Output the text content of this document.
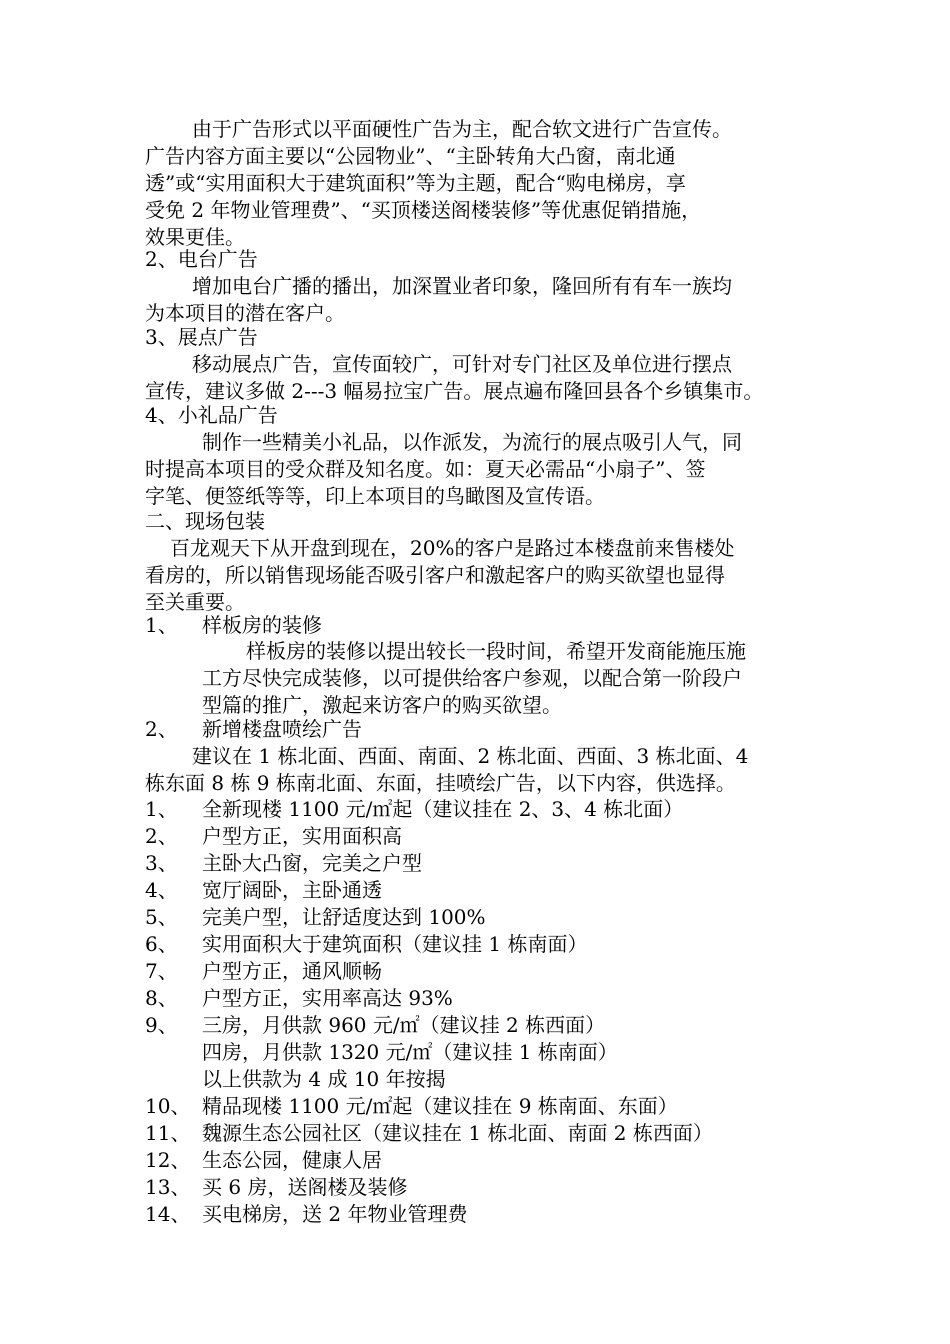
由于广告形式以平面硬性广告为主，配合软文进行广告宣传。
广告内容方面主要以“公园物业”、“主卧转角大凸窗，南北通
透”或“实用面积大于建筑面积”等为主题，配合“购电梯房，享
受免 2 年物业管理费”、“买顶楼送阁楼装修”等优惠促销措施，
效果更佳。
2、电台广告
增加电台广播的播出，加深置业者印象，隆回所有有车一族均
为本项目的潜在客户。
3、展点广告
移动展点广告，宣传面较广，可针对专门社区及单位进行摆点
宣传，建议多做 2---3 幅易拉宝广告。展点遍布隆回县各个乡镇集市。
4、小礼品广告
制作一些精美小礼品，以作派发，为流行的展点吸引人气，同
时提高本项目的受众群及知名度。如：夏天必需品“小扇子”、签
字笔、便签纸等等，印上本项目的鸟瞰图及宣传语。
二、现场包装
百龙观天下从开盘到现在，20%的客户是路过本楼盘前来售楼处
看房的，所以销售现场能否吸引客户和激起客户的购买欲望也显得
至关重要。
1、 样板房的装修
样板房的装修以提出较长一段时间，希望开发商能施压施
工方尽快完成装修，以可提供给客户参观，以配合第一阶段户
型篇的推广，激起来访客户的购买欲望。
2、 新增楼盘喷绘广告
建议在 1 栋北面、西面、南面、2 栋北面、西面、3 栋北面、4
栋东面 8 栋 9 栋南北面、东面，挂喷绘广告，以下内容，供选择。
1、 全新现楼 1100 元/㎡起（建议挂在 2、3、4 栋北面）
2、 户型方正，实用面积高
3、 主卧大凸窗，完美之户型
4、 宽厅阔卧，主卧通透
5、 完美户型，让舒适度达到 100%
6、 实用面积大于建筑面积（建议挂 1 栋南面）
7、 户型方正，通风顺畅
8、 户型方正，实用率高达 93%
9、 三房，月供款 960 元/㎡（建议挂 2 栋西面）
四房，月供款 1320 元/㎡（建议挂 1 栋南面）
以上供款为 4 成 10 年按揭
10、 精品现楼 1100 元/㎡起（建议挂在 9 栋南面、东面）
11、 魏源生态公园社区（建议挂在 1 栋北面、南面 2 栋西面）
12、 生态公园，健康人居
13、 买 6 房，送阁楼及装修
14、 买电梯房，送 2 年物业管理费
